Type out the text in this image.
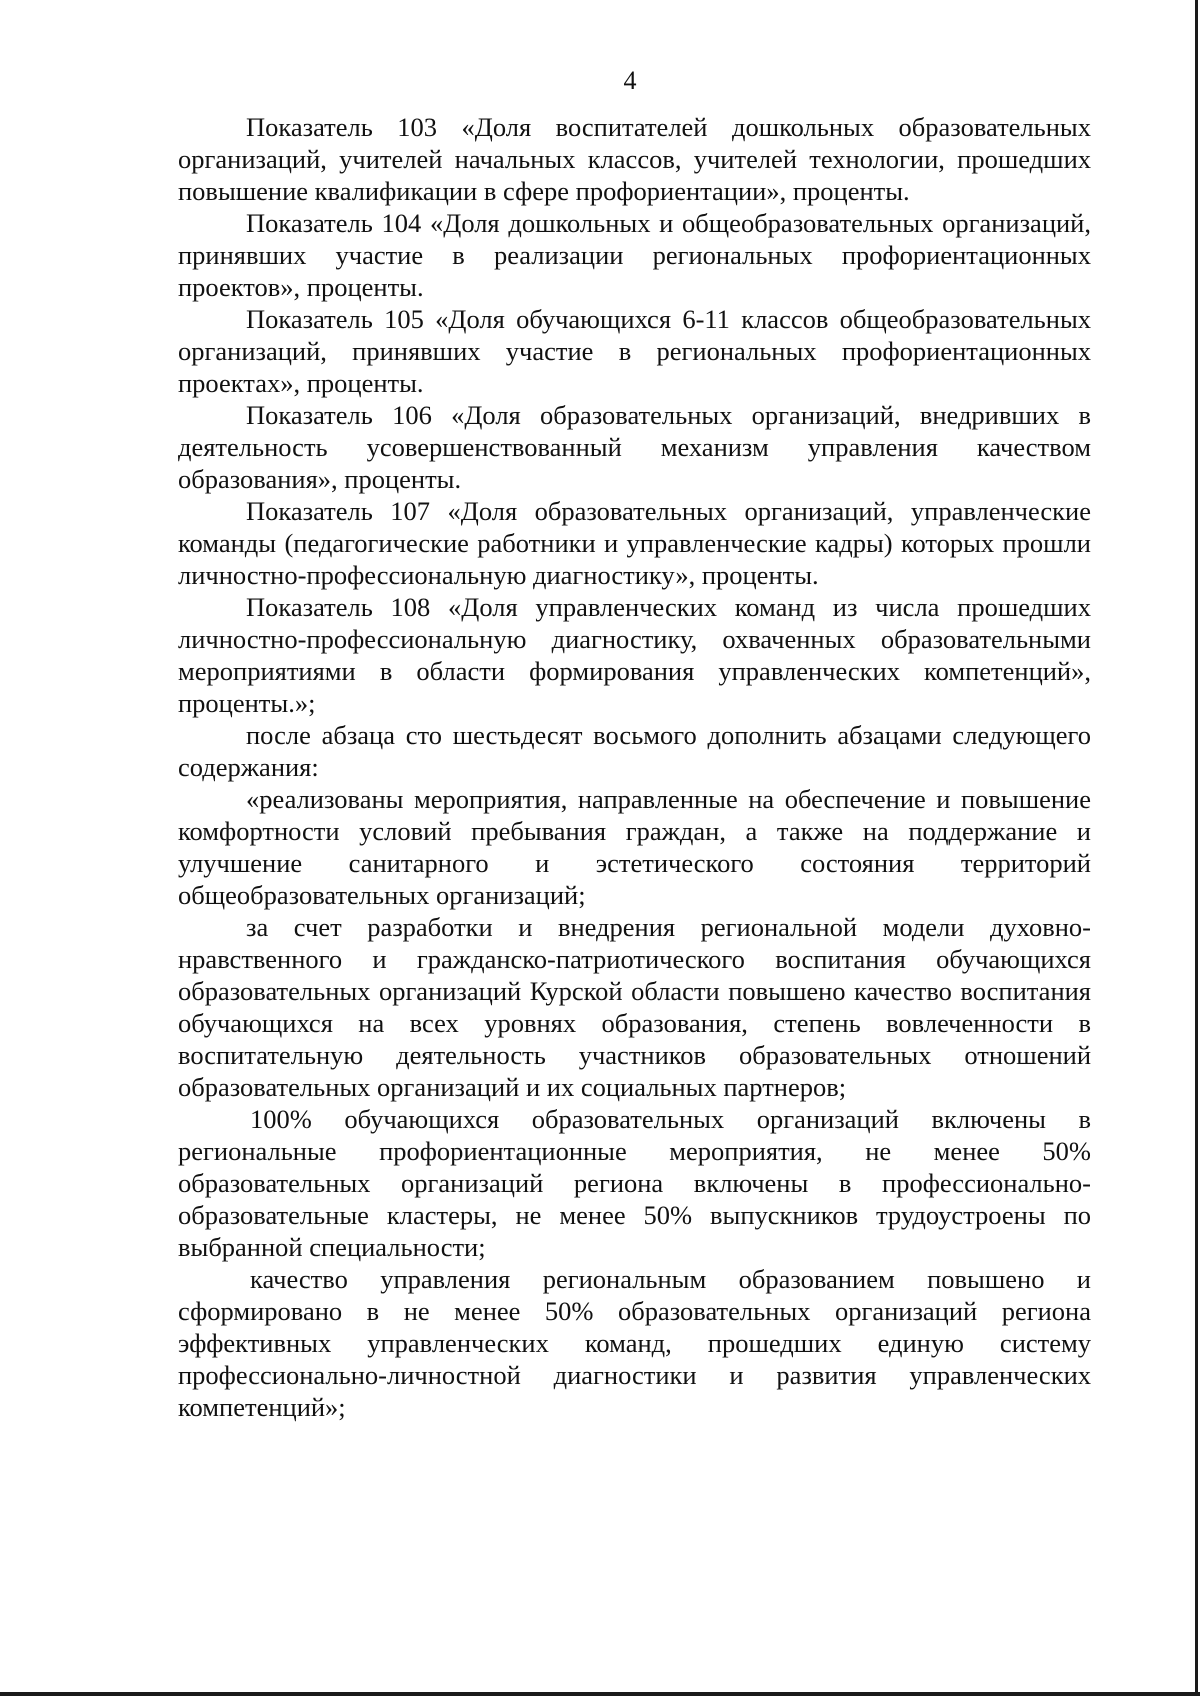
4

Показатель 103 «Доля воспитателей дошкольных образовательных организаций, учителей начальных классов, учителей технологии, прошедших повышение квалификации в сфере профориентации», проценты.

Показатель 104 «Доля дошкольных и общеобразовательных организаций, принявших участие в реализации региональных профориентационных проектов», проценты.

Показатель 105 «Доля обучающихся 6-11 классов общеобразовательных организаций, принявших участие в региональных профориентационных проектах», проценты.

Показатель 106 «Доля образовательных организаций, внедривших в деятельность усовершенствованный механизм управления качеством образования», проценты.

Показатель 107 «Доля образовательных организаций, управленческие команды (педагогические работники и управленческие кадры) которых прошли личностно-профессиональную диагностику», проценты.

Показатель 108 «Доля управленческих команд из числа прошедших личностно-профессиональную диагностику, охваченных образовательными мероприятиями в области формирования управленческих компетенций», проценты.»;

после абзаца сто шестьдесят восьмого дополнить абзацами следующего содержания:

«реализованы мероприятия, направленные на обеспечение и повышение комфортности условий пребывания граждан, а также на поддержание и улучшение санитарного и эстетического состояния территорий общеобразовательных организаций;

за счет разработки и внедрения региональной модели духовно-нравственного и гражданско-патриотического воспитания обучающихся образовательных организаций Курской области повышено качество воспитания обучающихся на всех уровнях образования, степень вовлеченности в воспитательную деятельность участников образовательных отношений образовательных организаций и их социальных партнеров;

100% обучающихся образовательных организаций включены в региональные профориентационные мероприятия, не менее 50% образовательных организаций региона включены в профессионально-образовательные кластеры, не менее 50% выпускников трудоустроены по выбранной специальности;

качество управления региональным образованием повышено и сформировано в не менее 50% образовательных организаций региона эффективных управленческих команд, прошедших единую систему профессионально-личностной диагностики и развития управленческих компетенций»;
